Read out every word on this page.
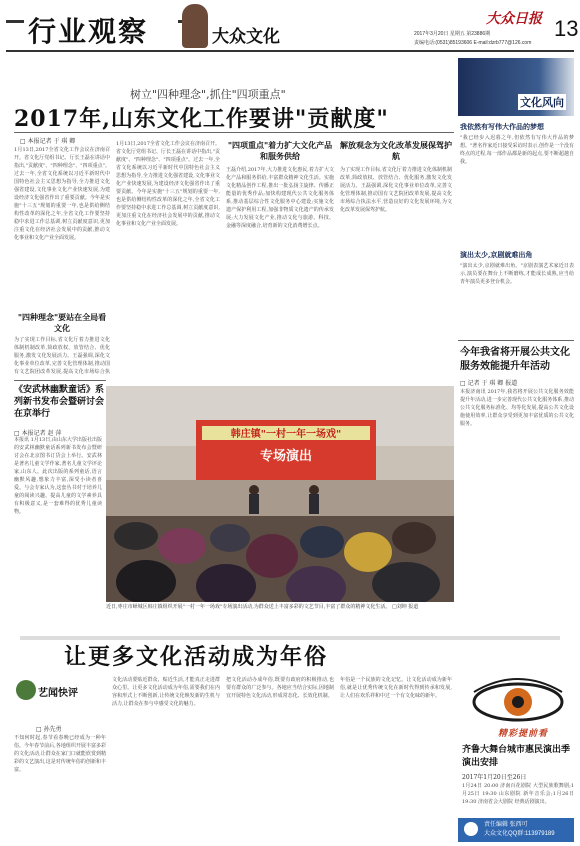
行业观察	大众文化
大众日报 13
2017年3月20日 星期五 第23886期
责编电话:(0531)85193606 E-mail:dzrb777@126.com
树立"四种理念",抓住"四项重点"
2017年,山东文化工作要讲"贡献度"
□ 本报记者 于 琪 卿
1月13日,2017全省文化工作会议在济南召开。省文化厅党组书记、厅长王磊在讲话中指出,"贡献度"、"四种理念"、"四项重点"。过去一年,全省文化系统以习近平新时代中国特色社会主义思想为指导,全力推进文化强省建设,文化事业文化产业快速发展,为建设经济文化强省作出了重要贡献。今年是实施"十三五"规划的重要一年,也是供给侧结构性改革的深化之年,全省文化工作要坚持稳中求进工作总基调,树立贡献度意识,更加注重文化在经济社会发展中的贡献,推动文化事业和文化产业全面发展。
"四种理念"要站在全局看文化
为了实现工作目标,省文化厅着力推进文化体制机制改革,简政放权、放管结合、优化服务,激发文化发展活力。王磊强调,深化文化事业单位改革,完善文化管理体制,推动国有文艺院团改革发展,提高文化市场综合执
1月13日,2017全省文化工作会议在济南召开。省文化厅党组书记、厅长王磊在讲话中指出,"贡献度"、"四种理念"、"四项重点"。过去一年,全省文化系统以习近平新时代中国特色社会主义思想为指导,全力推进文化强省建设,文化事业文化产业快速发展,为建设经济文化强省作出了重要贡献。今年是实施"十三五"规划的重要一年,也是供给侧结构性改革的深化之年,全省文化工作要坚持稳中求进工作总基调,树立贡献度意识,更加注重文化在经济社会发展中的贡献,推动文化事业和文化产业全面发展。
"四项重点"着力扩大文化产品和服务供给
王磊介绍,2017年,大力推进文化惠民,着力扩大文化产品和服务供给,丰富群众精神文化生活。实施文化精品创作工程,推出一批弘扬主旋律、传播正能量的优秀作品;加快构建现代公共文化服务体系,推动基层综合性文化服务中心建设;实施文化遗产保护利用工程,加强非物质文化遗产的传承发展;大力发展文化产业,推动文化与旅游、科技、金融等深度融合,培育新的文化消费增长点。
解放观念为文化改革发展保驾护航
为了实现工作目标,省文化厅着力推进文化体制机制改革,简政放权、放管结合、优化服务,激发文化发展活力。王磊强调,深化文化事业单位改革,完善文化管理体制,推动国有文艺院团改革发展,提高文化市场综合执法水平,营造良好的文化发展环境,为文化改革发展保驾护航。
《安武林幽默童话》系列新书发布会暨研讨会在京举行
□ 本报记者 赵 萍
本报讯 1月13日,由山东大学出版社出版的安武林幽默童话系列新书发布会暨研讨会在北京图书订货会上举行。安武林是著名儿童文学作家,著名儿童文学评论家,山东人。此次出版的系列童话,语言幽默风趣,想象力丰富,深受小读者喜爱。与会专家认为,这套丛书对于培养儿童的阅读兴趣、提高儿童的文学素养具有积极意义,是一套难得的优秀儿童读物。
韩庄镇"一村一年一场戏"
专场演出
近日,枣庄市峄城区韩庄镇组织开展"一村一年一场戏"专场演出活动,为群众送上丰富多彩的文艺节目,丰富了群众的精神文化生活。 □刘坤 报道
文化风向
我依然有写伟大作品的梦想
"我已经步入迟暮之年,但依然有写伟大作品的梦想。"著名作家近日接受采访时表示,创作是一个没有终点的过程,每一部作品都是新的起点,要不断超越自我。
演出太少,京剧就难出角
"演出太少,京剧就难出角。"京剧表演艺术家近日表示,演员要在舞台上不断磨练,才能成长成熟,应当给青年演员更多登台机会。
今年我省将开展公共文化服务效能提升年活动
□ 记者 于 琪 卿 报道
本报济南讯 2017年,我省将开展公共文化服务效能提升年活动,进一步完善现代公共文化服务体系,推动公共文化服务标准化、均等化发展,提高公共文化设施使用效率,让群众享受到更加丰富优质的公共文化服务。
让更多文化活动成为年俗
艺闻快评
□ 孙先勇
不知何时起,春节看春晚已经成为一种年俗。今年春节前后,各地组织开展丰富多彩的文化活动,让群众在家门口就能欣赏到精彩的文艺演出,这是对传统年俗的创新和丰富。
文化活动要贴近群众、贴近生活,才能真正走进群众心里。让更多文化活动成为年俗,需要我们在内容和形式上不断创新,让传统文化焕发新的生机与活力,让群众在参与中感受文化的魅力。
把文化活动办成年俗,既要有政府的积极推动,也要有群众的广泛参与。各地应当结合实际,因地制宜开展特色文化活动,形成常态化、长效化机制。
年俗是一个民族的文化记忆。让文化活动成为新年俗,就是让优秀传统文化在新时代得到传承和发展,让人们在欢乐祥和中过一个有文化味的新年。
精彩提前看
齐鲁大舞台城市惠民演出季演出安排
2017年1月20日至26日
1月24日 20:00 济南百花剧院 大型民族歌舞剧;1月25日 19:30 山东剧院 新年音乐会;1月26日 19:30 济南省会大剧院 经典话剧演出。
责任编辑 张西可
大众文化QQ群:113979189
